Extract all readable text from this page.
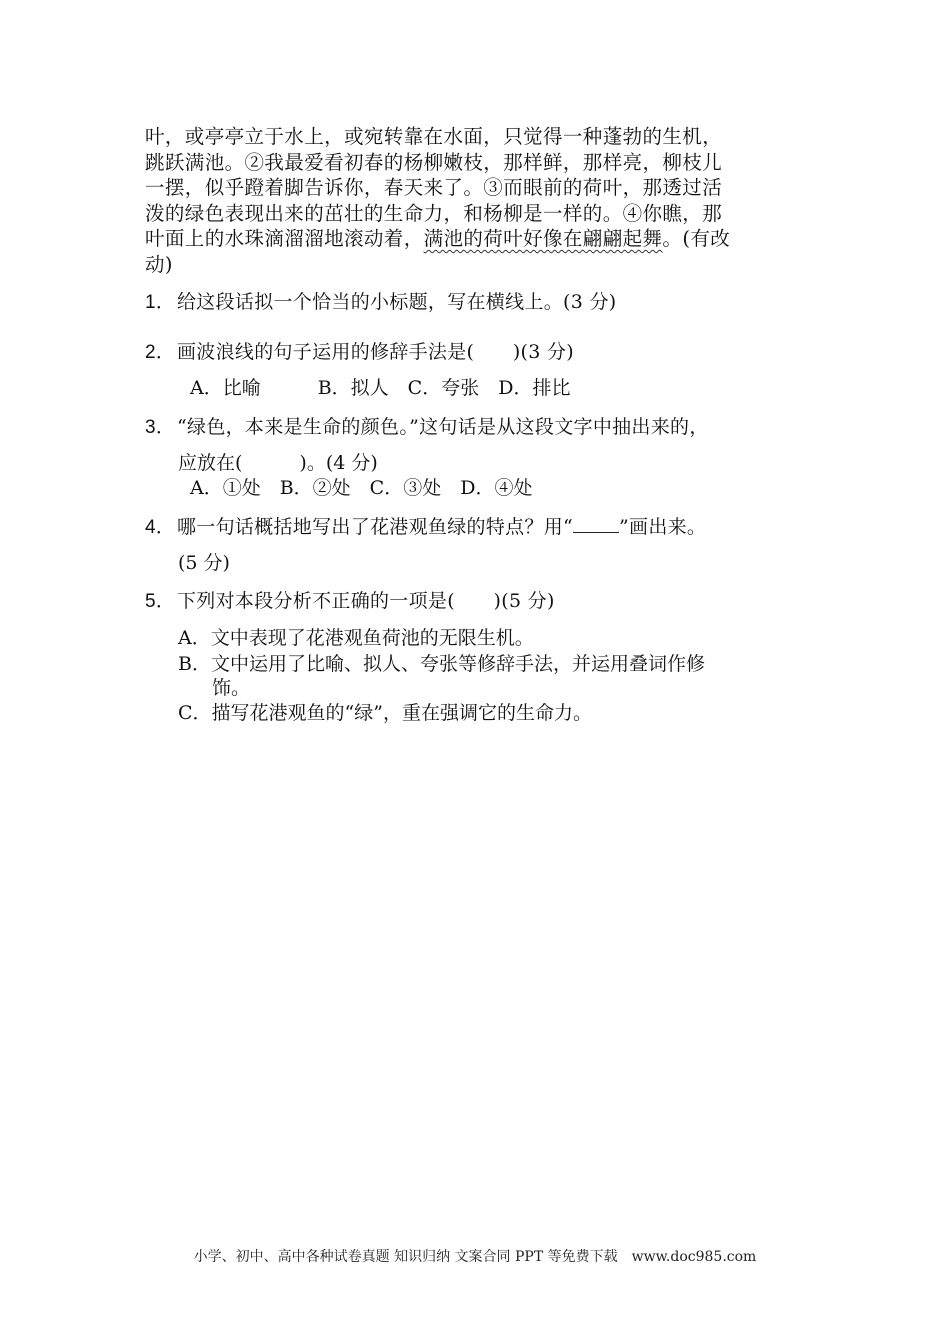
叶，或亭亭立于水上，或宛转靠在水面，只觉得一种蓬勃的生机，
跳跃满池。②我最爱看初春的杨柳嫩枝，那样鲜，那样亮，柳枝儿
一摆，似乎蹬着脚告诉你，春天来了。③而眼前的荷叶，那透过活
泼的绿色表现出来的茁壮的生命力，和杨柳是一样的。④你瞧，那
叶面上的水珠滴溜溜地滚动着，满池的荷叶好像在翩翩起舞。(有改
动)
1．给这段话拟一个恰当的小标题，写在横线上。(3 分)
2．画波浪线的句子运用的修辞手法是(　　)(3 分)
A．比喻　　　B．拟人　C．夸张　D．排比
3．“绿色，本来是生命的颜色。”这句话是从这段文字中抽出来的，
应放在(　　　)。(4 分)
A．①处　B．②处　C．③处　D．④处
4．哪一句话概括地写出了花港观鱼绿的特点？用“ ”画出来。
(5 分)
5．下列对本段分析不正确的一项是(　　)(5 分)
A．文中表现了花港观鱼荷池的无限生机。
B．文中运用了比喻、拟人、夸张等修辞手法，并运用叠词作修
饰。
C．描写花港观鱼的“绿”，重在强调它的生命力。
小学、初中、高中各种试卷真题 知识归纳 文案合同 PPT 等免费下载　www.doc985.com
